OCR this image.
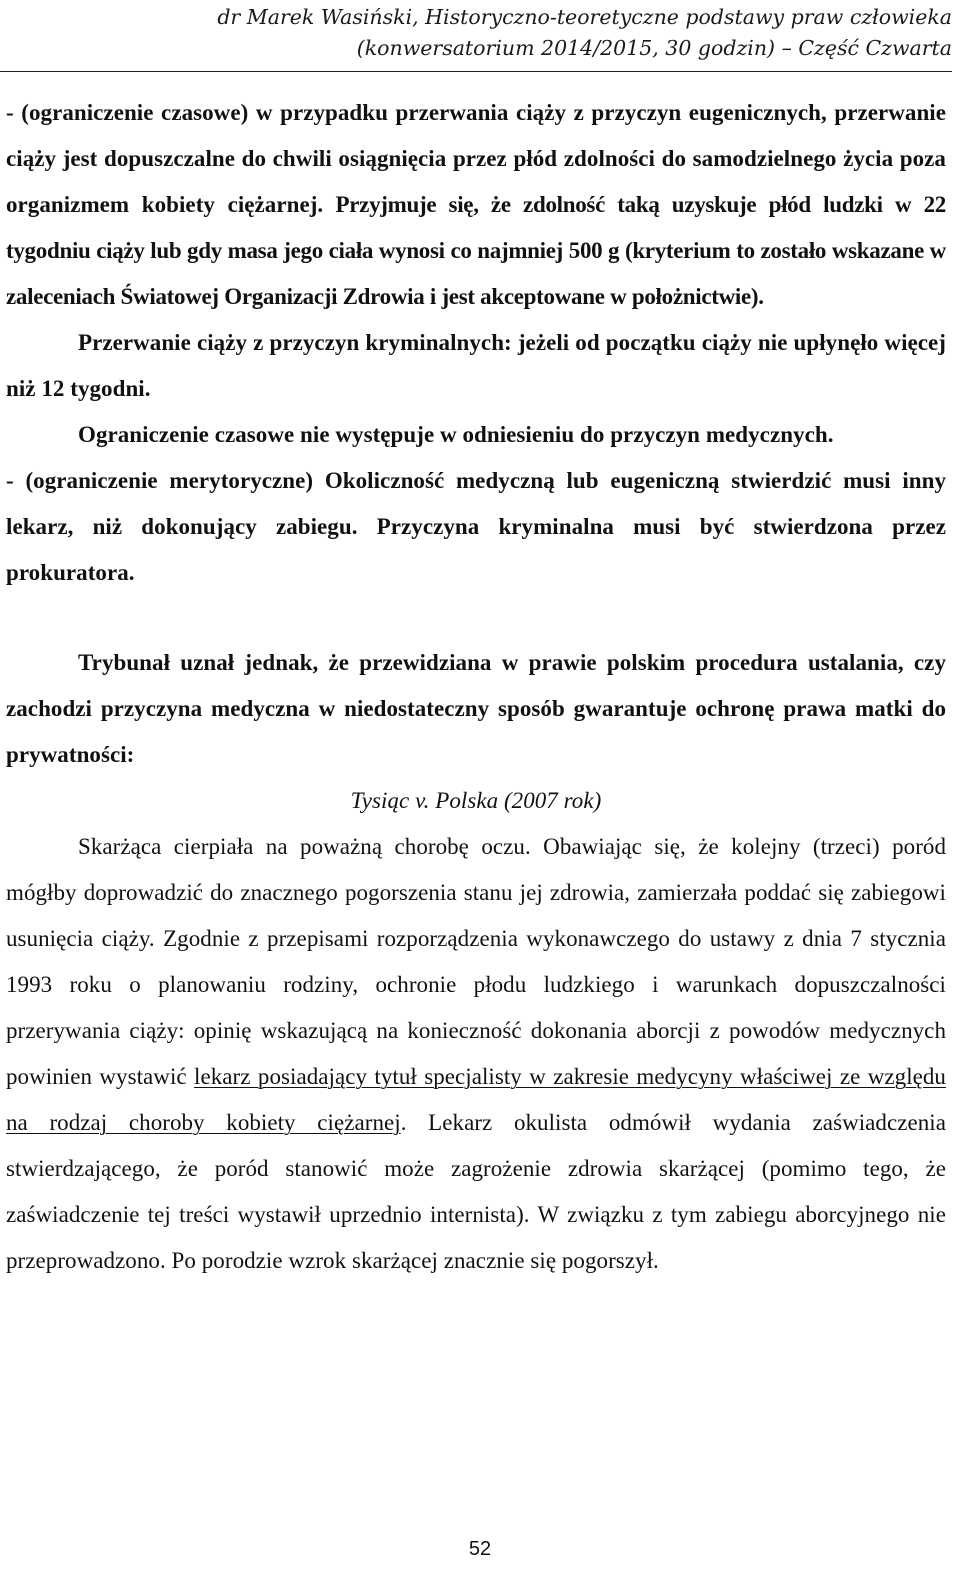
dr Marek Wasiński, Historyczno-teoretyczne podstawy praw człowieka
(konwersatorium 2014/2015, 30 godzin) – Część Czwarta

- (ograniczenie czasowe) w przypadku przerwania ciąży z przyczyn eugenicznych, przerwanie ciąży jest dopuszczalne do chwili osiągnięcia przez płód zdolności do samodzielnego życia poza organizmem kobiety ciężarnej. Przyjmuje się, że zdolność taką uzyskuje płód ludzki w 22 tygodniu ciąży lub gdy masa jego ciała wynosi co najmniej 500 g (kryterium to zostało wskazane w zaleceniach Światowej Organizacji Zdrowia i jest akceptowane w położnictwie).

Przerwanie ciąży z przyczyn kryminalnych: jeżeli od początku ciąży nie upłynęło więcej niż 12 tygodni.

Ograniczenie czasowe nie występuje w odniesieniu do przyczyn medycznych.

- (ograniczenie merytoryczne) Okoliczność medyczną lub eugeniczną stwierdzić musi inny lekarz, niż dokonujący zabiegu. Przyczyna kryminalna musi być stwierdzona przez prokuratora.

Trybunał uznał jednak, że przewidziana w prawie polskim procedura ustalania, czy zachodzi przyczyna medyczna w niedostateczny sposób gwarantuje ochronę prawa matki do prywatności:

Tysiąc v. Polska (2007 rok)

Skarżąca cierpiała na poważną chorobę oczu. Obawiając się, że kolejny (trzeci) poród mógłby doprowadzić do znacznego pogorszenia stanu jej zdrowia, zamierzała poddać się zabiegowi usunięcia ciąży. Zgodnie z przepisami rozporządzenia wykonawczego do ustawy z dnia 7 stycznia 1993 roku o planowaniu rodziny, ochronie płodu ludzkiego i warunkach dopuszczalności przerywania ciąży: opinię wskazującą na konieczność dokonania aborcji z powodów medycznych powinien wystawić lekarz posiadający tytuł specjalisty w zakresie medycyny właściwej ze względu na rodzaj choroby kobiety ciężarnej. Lekarz okulista odmówił wydania zaświadczenia stwierdzającego, że poród stanowić może zagrożenie zdrowia skarżącej (pomimo tego, że zaświadczenie tej treści wystawił uprzednio internista). W związku z tym zabiegu aborcyjnego nie przeprowadzono. Po porodzie wzrok skarżącej znacznie się pogorszył.

52
